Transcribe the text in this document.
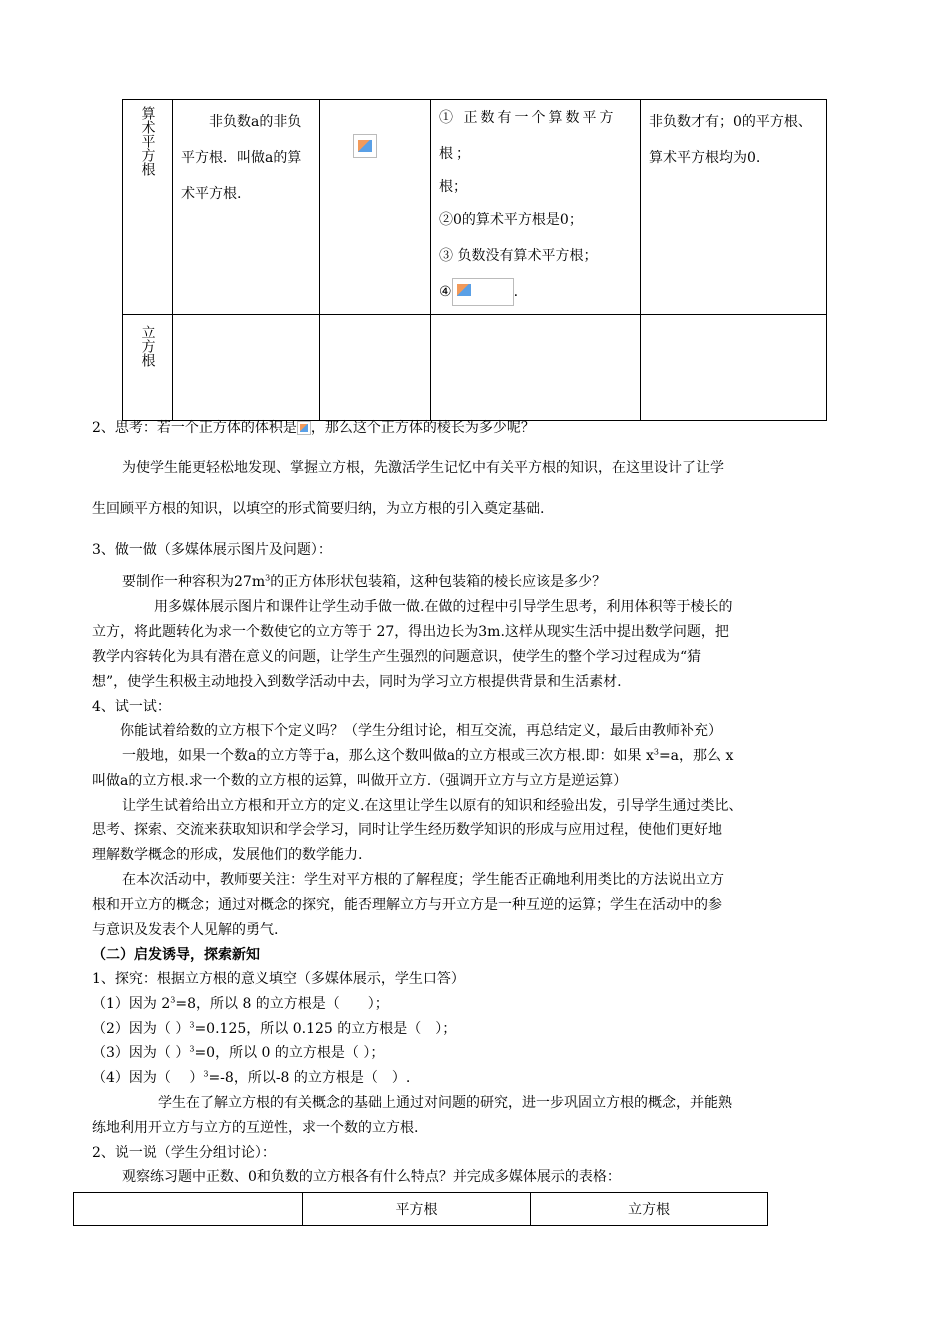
算术平方根	非负数a的非负平方根．叫做a的算术平方根.		① 正数有一个算数平方根；
根；
②0的算术平方根是0；
③ 负数没有算术平方根；
④ .	非负数才有；0的平方根、算术平方根均为0.

立方根				

2、思考：若一个正方体的体积是 ，那么这个正方体的棱长为多少呢？
为使学生能更轻松地发现、掌握立方根，先激活学生记忆中有关平方根的知识，在这里设计了让学
生回顾平方根的知识，以填空的形式简要归纳，为立方根的引入奠定基础.
3、做一做（多媒体展示图片及问题）：
要制作一种容积为$27m^3$的正方体形状包装箱，这种包装箱的棱长应该是多少？
用多媒体展示图片和课件让学生动手做一做.在做的过程中引导学生思考，利用体积等于棱长的
立方，将此题转化为求一个数使它的立方等于 27，得出边长为3m.这样从现实生活中提出数学问题，把
教学内容转化为具有潜在意义的问题，让学生产生强烈的问题意识，使学生的整个学习过程成为“猜
想”，使学生积极主动地投入到数学活动中去，同时为学习立方根提供背景和生活素材.
4、试一试：
你能试着给数的立方根下个定义吗？（学生分组讨论，相互交流，再总结定义，最后由教师补充）
一般地，如果一个数a的立方等于a，那么这个数叫做a的立方根或三次方根.即：如果 $x^3=a$，那么 x
叫做a的立方根.求一个数的立方根的运算，叫做开立方.（强调开立方与立方是逆运算）
让学生试着给出立方根和开立方的定义.在这里让学生以原有的知识和经验出发，引导学生通过类比、
思考、探索、交流来获取知识和学会学习，同时让学生经历数学知识的形成与应用过程，使他们更好地
理解数学概念的形成，发展他们的数学能力.
在本次活动中，教师要关注：学生对平方根的了解程度；学生能否正确地利用类比的方法说出立方
根和开立方的概念；通过对概念的探究，能否理解立方与开立方是一种互逆的运算；学生在活动中的参
与意识及发表个人见解的勇气.
（二）启发诱导，探索新知
1、探究：根据立方根的意义填空（多媒体展示，学生口答）
（1）因为 $2^3=8$，所以 8 的立方根是（　　）；
（2）因为（ ）$^3$=0.125，所以 0.125 的立方根是（　）；
（3）因为（ ）$^3$=0，所以 0 的立方根是（ ）；
（4）因为（　 ）$^3$=-8，所以-8 的立方根是（　）.
学生在了解立方根的有关概念的基础上通过对问题的研究，进一步巩固立方根的概念，并能熟
练地利用开立方与立方的互逆性，求一个数的立方根.
2、说一说（学生分组讨论）：
观察练习题中正数、0和负数的立方根各有什么特点？并完成多媒体展示的表格：
	平方根	立方根
